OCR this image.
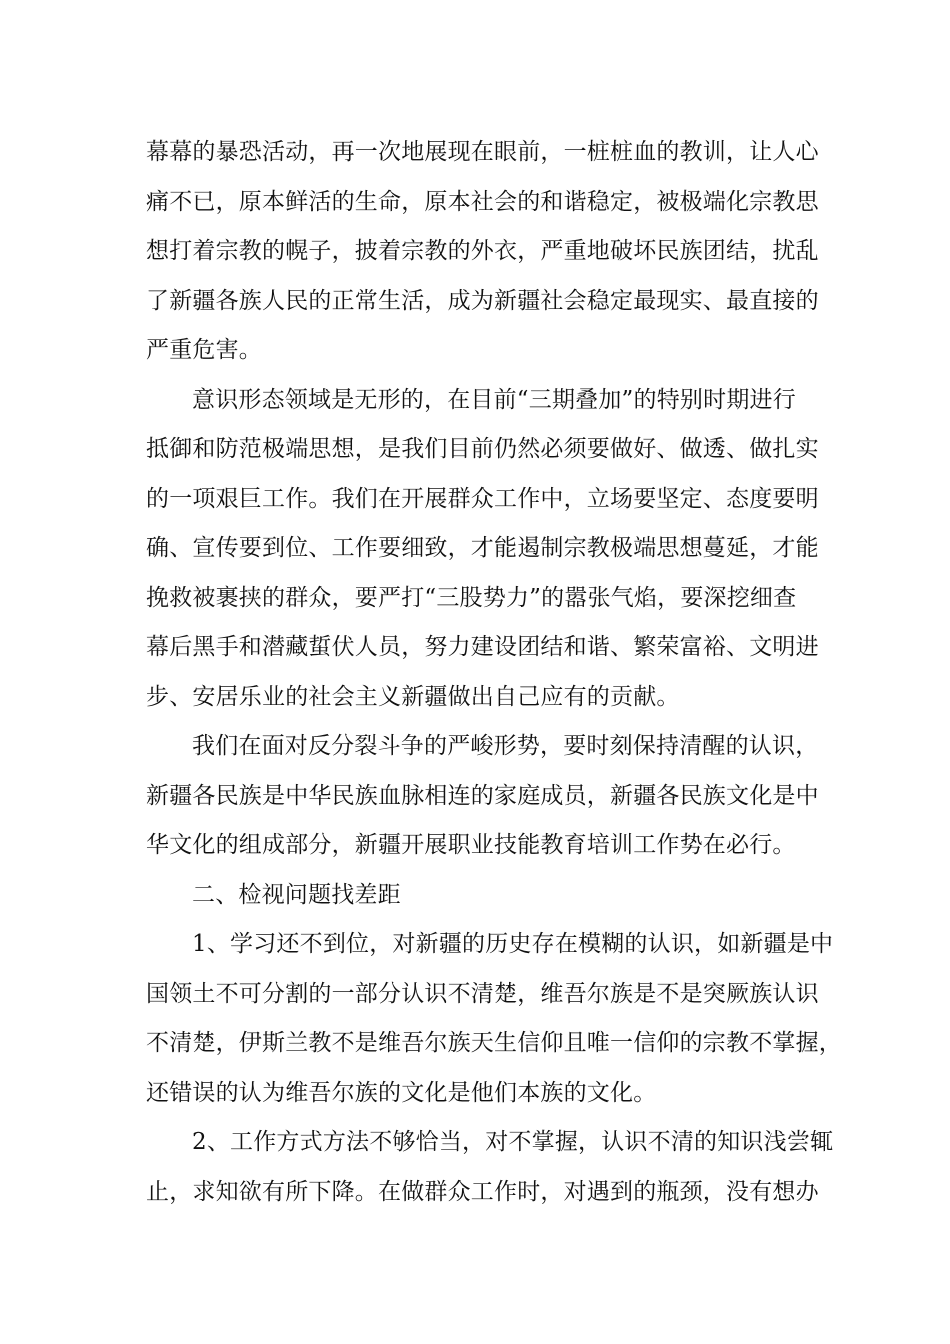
幕幕的暴恐活动，再一次地展现在眼前，一桩桩血的教训，让人心
痛不已，原本鲜活的生命，原本社会的和谐稳定，被极端化宗教思
想打着宗教的幌子，披着宗教的外衣，严重地破坏民族团结，扰乱
了新疆各族人民的正常生活，成为新疆社会稳定最现实、最直接的
严重危害。
意识形态领域是无形的，在目前“三期叠加”的特别时期进行
抵御和防范极端思想，是我们目前仍然必须要做好、做透、做扎实
的一项艰巨工作。我们在开展群众工作中，立场要坚定、态度要明
确、宣传要到位、工作要细致，才能遏制宗教极端思想蔓延，才能
挽救被裹挟的群众，要严打“三股势力”的嚣张气焰，要深挖细查
幕后黑手和潜藏蜇伏人员，努力建设团结和谐、繁荣富裕、文明进
步、安居乐业的社会主义新疆做出自己应有的贡献。
我们在面对反分裂斗争的严峻形势，要时刻保持清醒的认识，
新疆各民族是中华民族血脉相连的家庭成员，新疆各民族文化是中
华文化的组成部分，新疆开展职业技能教育培训工作势在必行。
二、检视问题找差距
1、学习还不到位，对新疆的历史存在模糊的认识，如新疆是中
国领土不可分割的一部分认识不清楚，维吾尔族是不是突厥族认识
不清楚，伊斯兰教不是维吾尔族天生信仰且唯一信仰的宗教不掌握，
还错误的认为维吾尔族的文化是他们本族的文化。
2、工作方式方法不够恰当，对不掌握，认识不清的知识浅尝辄
止，求知欲有所下降。在做群众工作时，对遇到的瓶颈，没有想办
